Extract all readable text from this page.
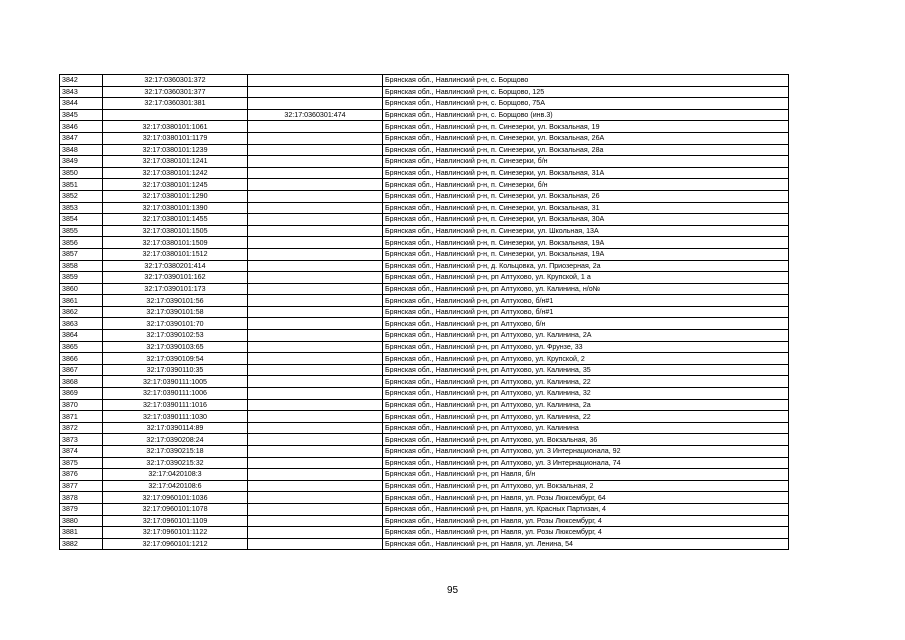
3842	32:17:0360301:372		Брянская обл., Навлинский р-н, с. Борщово
3843	32:17:0360301:377		Брянская обл., Навлинский р-н, с. Борщово, 125
3844	32:17:0360301:381		Брянская обл., Навлинский р-н, с. Борщово, 75А
3845		32:17:0360301:474	Брянская обл., Навлинский р-н, с. Борщово (инв.3)
3846	32:17:0380101:1061		Брянская обл., Навлинский р-н, п. Синезерки, ул. Вокзальная, 19
3847	32:17:0380101:1179		Брянская обл., Навлинский р-н, п. Синезерки, ул. Вокзальная, 26А
3848	32:17:0380101:1239		Брянская обл., Навлинский р-н, п. Синезерки, ул. Вокзальная, 28а
3849	32:17:0380101:1241		Брянская обл., Навлинский р-н, п. Синезерки, б/н
3850	32:17:0380101:1242		Брянская обл., Навлинский р-н, п. Синезерки, ул. Вокзальная, 31А
3851	32:17:0380101:1245		Брянская обл., Навлинский р-н, п. Синезерки, б/н
3852	32:17:0380101:1290		Брянская обл., Навлинский р-н, п. Синезерки, ул. Вокзальная, 26
3853	32:17:0380101:1390		Брянская обл., Навлинский р-н, п. Синезерки, ул. Вокзальная, 31
3854	32:17:0380101:1455		Брянская обл., Навлинский р-н, п. Синезерки, ул. Вокзальная, 30А
3855	32:17:0380101:1505		Брянская обл., Навлинский р-н, п. Синезерки, ул. Школьная, 13А
3856	32:17:0380101:1509		Брянская обл., Навлинский р-н, п. Синезерки, ул. Вокзальная, 19А
3857	32:17:0380101:1512		Брянская обл., Навлинский р-н, п. Синезерки, ул. Вокзальная, 19А
3858	32:17:0380201:414		Брянская обл., Навлинский р-н, д. Кольцовка, ул. Приозерная, 2а
3859	32:17:0390101:162		Брянская обл., Навлинский р-н, рп Алтухово, ул. Крупской, 1 а
3860	32:17:0390101:173		Брянская обл., Навлинский р-н, рп Алтухово, ул. Калинина, н/о№
3861	32:17:0390101:56		Брянская обл., Навлинский р-н, рп Алтухово, б/н#1
3862	32:17:0390101:58		Брянская обл., Навлинский р-н, рп Алтухово, б/н#1
3863	32:17:0390101:70		Брянская обл., Навлинский р-н, рп Алтухово, б/н
3864	32:17:0390102:53		Брянская обл., Навлинский р-н, рп Алтухово, ул. Калинина, 2А
3865	32:17:0390103:65		Брянская обл., Навлинский р-н, рп Алтухово, ул. Фрунзе, 33
3866	32:17:0390109:54		Брянская обл., Навлинский р-н, рп Алтухово, ул. Крупской, 2
3867	32:17:0390110:35		Брянская обл., Навлинский р-н, рп Алтухово, ул. Калинина, 35
3868	32:17:0390111:1005		Брянская обл., Навлинский р-н, рп Алтухово, ул. Калинина, 22
3869	32:17:0390111:1006		Брянская обл., Навлинский р-н, рп Алтухово, ул. Калинина, 32
3870	32:17:0390111:1016		Брянская обл., Навлинский р-н, рп Алтухово, ул. Калинина, 2а
3871	32:17:0390111:1030		Брянская обл., Навлинский р-н, рп Алтухово, ул. Калинина, 22
3872	32:17:0390114:89		Брянская обл., Навлинский р-н, рп Алтухово, ул. Калинина
3873	32:17:0390208:24		Брянская обл., Навлинский р-н, рп Алтухово, ул. Вокзальная, 36
3874	32:17:0390215:18		Брянская обл., Навлинский р-н, рп Алтухово, ул. 3 Интернационала, 92
3875	32:17:0390215:32		Брянская обл., Навлинский р-н, рп Алтухово, ул. 3 Интернационала, 74
3876	32:17:0420108:3		Брянская обл., Навлинский р-н, рп Навля, б/н
3877	32:17:0420108:6		Брянская обл., Навлинский р-н, рп Алтухово, ул. Вокзальная, 2
3878	32:17:0960101:1036		Брянская обл., Навлинский р-н, рп Навля, ул. Розы Люксембург, 64
3879	32:17:0960101:1078		Брянская обл., Навлинский р-н, рп Навля, ул. Красных Партизан, 4
3880	32:17:0960101:1109		Брянская обл., Навлинский р-н, рп Навля, ул. Розы Люксембург, 4
3881	32:17:0960101:1122		Брянская обл., Навлинский р-н, рп Навля, ул. Розы Люксембург, 4
3882	32:17:0960101:1212		Брянская обл., Навлинский р-н, рп Навля, ул. Ленина, 54
95
